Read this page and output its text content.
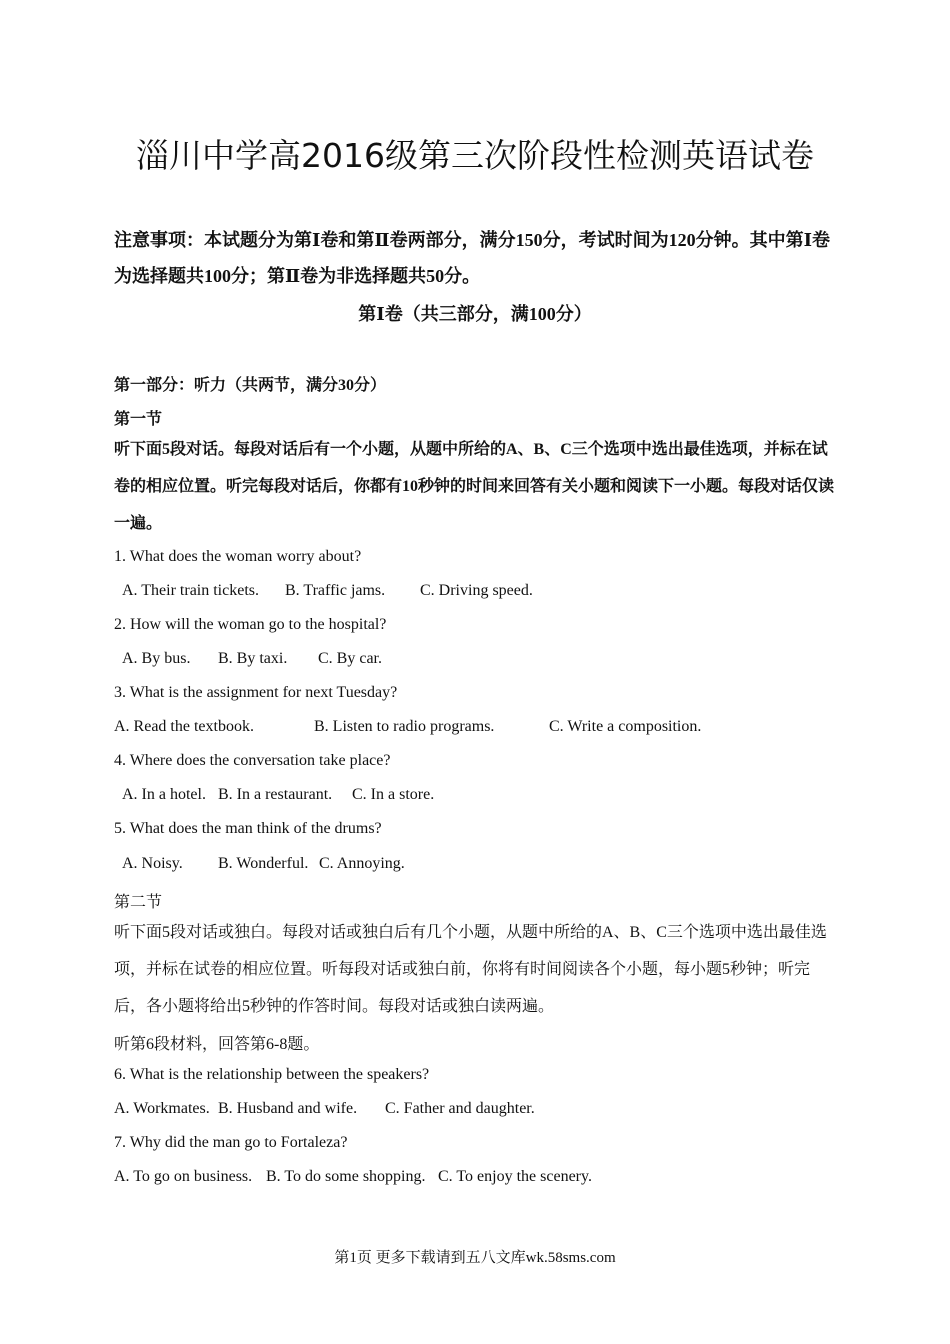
淄川中学高2016级第三次阶段性检测英语试卷
注意事项：本试题分为第Ⅰ卷和第Ⅱ卷两部分，满分150分，考试时间为120分钟。其中第Ⅰ卷为选择题共100分；第Ⅱ卷为非选择题共50分。
第Ⅰ卷（共三部分，满100分）
第一部分：听力（共两节，满分30分）
第一节
听下面5段对话。每段对话后有一个小题，从题中所给的A、B、C三个选项中选出最佳选项，并标在试卷的相应位置。听完每段对话后，你都有10秒钟的时间来回答有关小题和阅读下一小题。每段对话仅读一遍。
1. What does the woman worry about?
A. Their train tickets. B. Traffic jams. C. Driving speed.
2. How will the woman go to the hospital?
A. By bus. B. By taxi. C. By car.
3. What is the assignment for next Tuesday?
A. Read the textbook.	B. Listen to radio programs.	C. Write a composition.
4. Where does the conversation take place?
A. In a hotel. B. In a restaurant. C. In a store.
5. What does the man think of the drums?
A. Noisy. B. Wonderful. C. Annoying.
第二节
听下面5段对话或独白。每段对话或独白后有几个小题，从题中所给的A、B、C三个选项中选出最佳选项，并标在试卷的相应位置。听每段对话或独白前，你将有时间阅读各个小题，每小题5秒钟；听完后，各小题将给出5秒钟的作答时间。每段对话或独白读两遍。
听第6段材料，回答第6-8题。
6. What is the relationship between the speakers?
A. Workmates. B. Husband and wife. C. Father and daughter.
7. Why did the man go to Fortaleza?
A. To go on business. B. To do some shopping. C. To enjoy the scenery.
第1页 更多下载请到五八文库wk.58sms.com
